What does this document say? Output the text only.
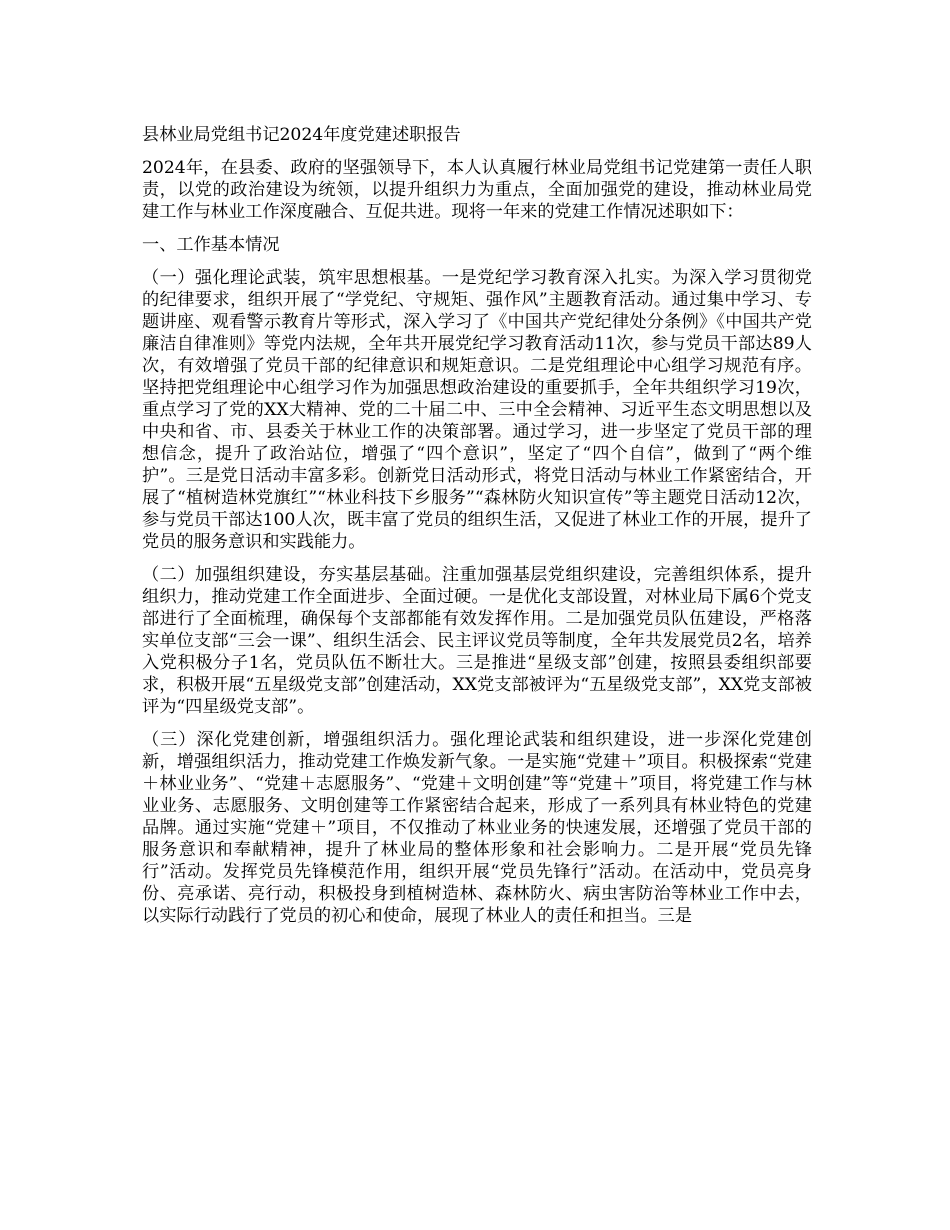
县林业局党组书记2024年度党建述职报告
2024年，在县委、政府的坚强领导下，本人认真履行林业局党组书记党建第一责任人职责，以党的政治建设为统领，以提升组织力为重点，全面加强党的建设，推动林业局党建工作与林业工作深度融合、互促共进。现将一年来的党建工作情况述职如下：
一、工作基本情况
（一）强化理论武装，筑牢思想根基。一是党纪学习教育深入扎实。为深入学习贯彻党的纪律要求，组织开展了“学党纪、守规矩、强作风”主题教育活动。通过集中学习、专题讲座、观看警示教育片等形式，深入学习了《中国共产党纪律处分条例》《中国共产党廉洁自律准则》等党内法规，全年共开展党纪学习教育活动11次，参与党员干部达89人次，有效增强了党员干部的纪律意识和规矩意识。二是党组理论中心组学习规范有序。坚持把党组理论中心组学习作为加强思想政治建设的重要抓手，全年共组织学习19次，重点学习了党的XX大精神、党的二十届二中、三中全会精神、习近平生态文明思想以及中央和省、市、县委关于林业工作的决策部署。通过学习，进一步坚定了党员干部的理想信念，提升了政治站位，增强了“四个意识”，坚定了“四个自信”，做到了“两个维护”。三是党日活动丰富多彩。创新党日活动形式，将党日活动与林业工作紧密结合，开展了“植树造林党旗红”“林业科技下乡服务”“森林防火知识宣传”等主题党日活动12次，参与党员干部达100人次，既丰富了党员的组织生活，又促进了林业工作的开展，提升了党员的服务意识和实践能力。
（二）加强组织建设，夯实基层基础。注重加强基层党组织建设，完善组织体系，提升组织力，推动党建工作全面进步、全面过硬。一是优化支部设置，对林业局下属6个党支部进行了全面梳理，确保每个支部都能有效发挥作用。二是加强党员队伍建设，严格落实单位支部“三会一课”、组织生活会、民主评议党员等制度，全年共发展党员2名，培养入党积极分子1名，党员队伍不断壮大。三是推进“星级支部”创建，按照县委组织部要求，积极开展“五星级党支部”创建活动，XX党支部被评为“五星级党支部”，XX党支部被评为“四星级党支部”。
（三）深化党建创新，增强组织活力。强化理论武装和组织建设，进一步深化党建创新，增强组织活力，推动党建工作焕发新气象。一是实施“党建＋”项目。积极探索“党建＋林业业务”、“党建＋志愿服务”、“党建＋文明创建”等“党建＋”项目，将党建工作与林业业务、志愿服务、文明创建等工作紧密结合起来，形成了一系列具有林业特色的党建品牌。通过实施“党建＋”项目，不仅推动了林业业务的快速发展，还增强了党员干部的服务意识和奉献精神，提升了林业局的整体形象和社会影响力。二是开展“党员先锋行”活动。发挥党员先锋模范作用，组织开展“党员先锋行”活动。在活动中，党员亮身份、亮承诺、亮行动，积极投身到植树造林、森林防火、病虫害防治等林业工作中去，以实际行动践行了党员的初心和使命，展现了林业人的责任和担当。三是
